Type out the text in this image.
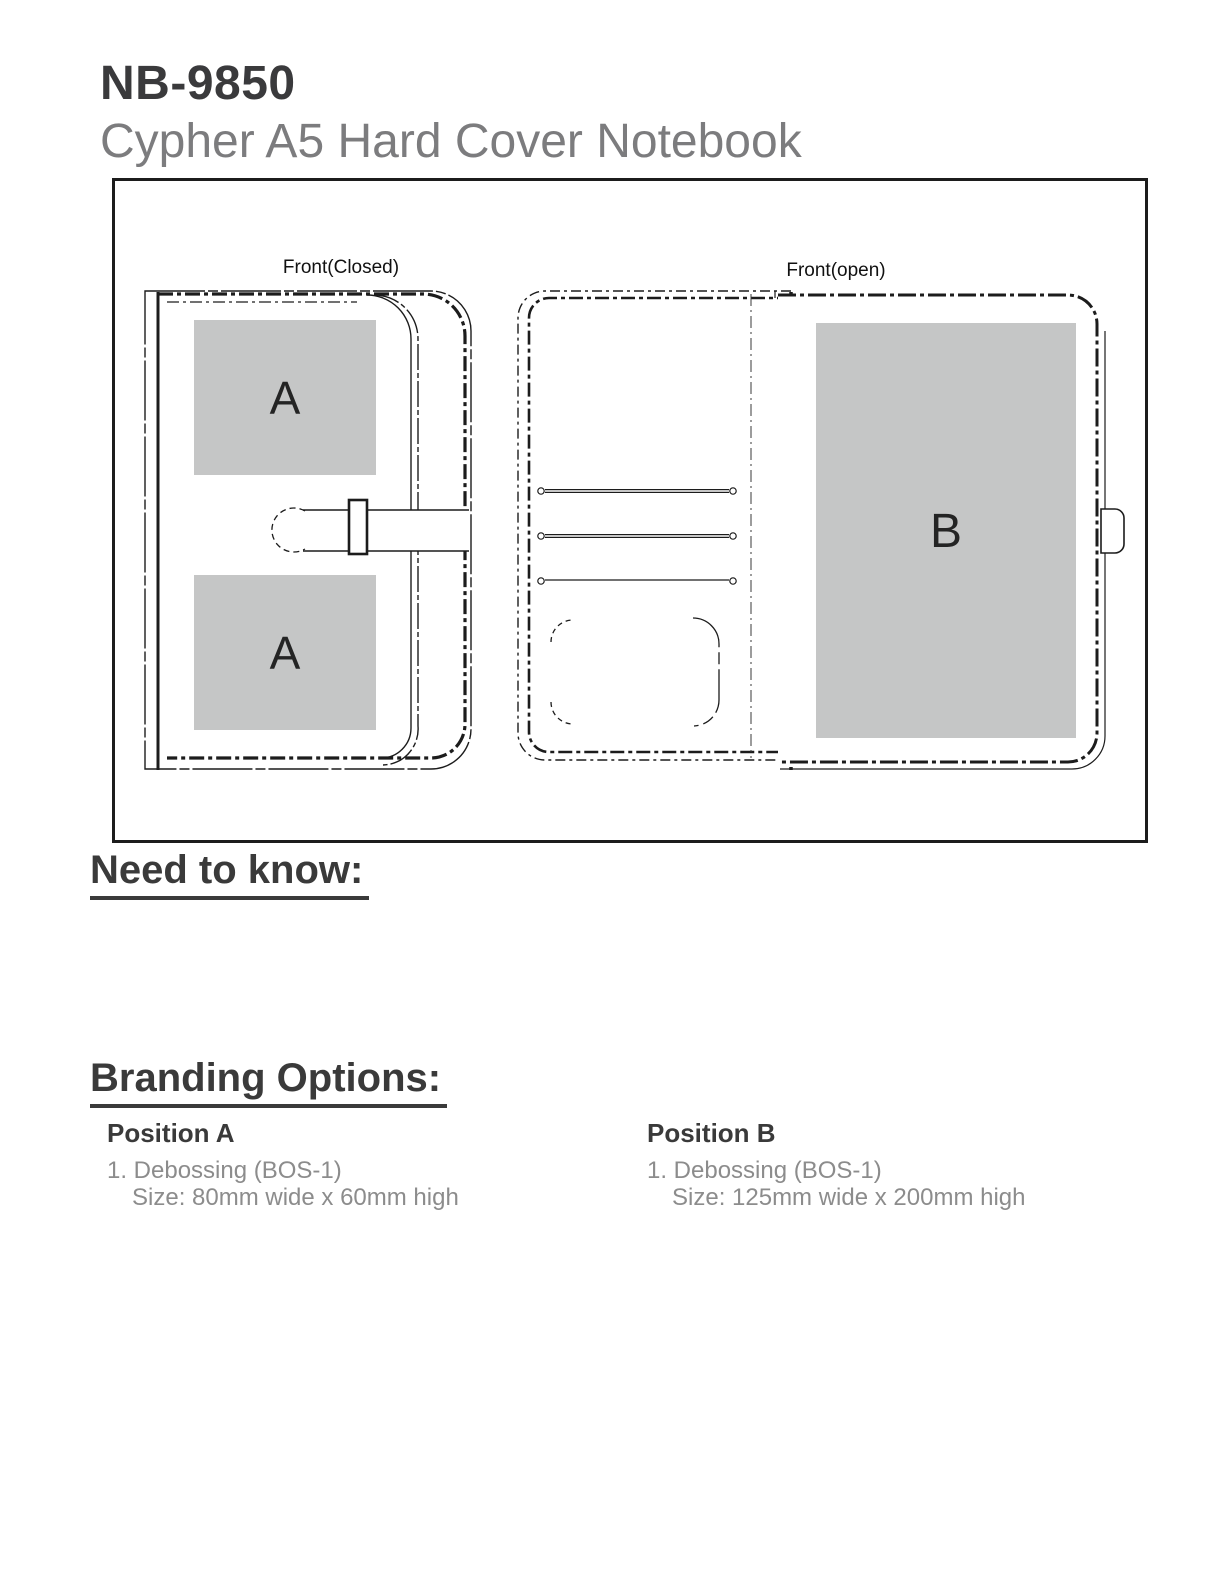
NB-9850
Cypher A5 Hard Cover Notebook
A
A
B
Front(Closed)	Front(open)
Need to know:
Branding Options:

Position A

1. Debossing (BOS-1)

Size: 80mm wide x 60mm high

Position B

1. Debossing (BOS-1)

Size: 125mm wide x 200mm high
